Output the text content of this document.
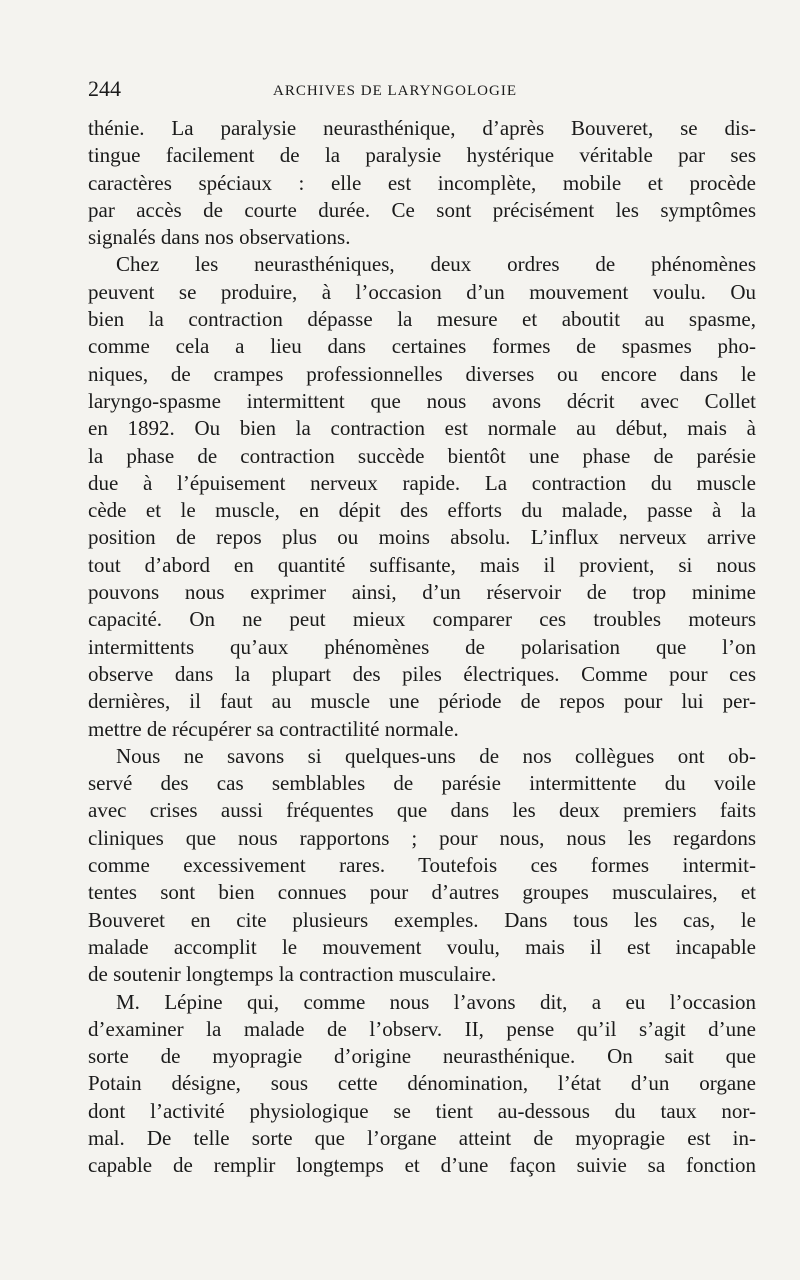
244	ARCHIVES DE LARYNGOLOGIE
thénie. La paralysie neurasthénique, d’après Bouveret, se dis-
tingue facilement de la paralysie hystérique véritable par ses
caractères spéciaux : elle est incomplète, mobile et procède
par accès de courte durée. Ce sont précisément les symptômes
signalés dans nos observations.
Chez les neurasthéniques, deux ordres de phénomènes
peuvent se produire, à l’occasion d’un mouvement voulu. Ou
bien la contraction dépasse la mesure et aboutit au spasme,
comme cela a lieu dans certaines formes de spasmes pho-
niques, de crampes professionnelles diverses ou encore dans le
laryngo-spasme intermittent que nous avons décrit avec Collet
en 1892. Ou bien la contraction est normale au début, mais à
la phase de contraction succède bientôt une phase de parésie
due à l’épuisement nerveux rapide. La contraction du muscle
cède et le muscle, en dépit des efforts du malade, passe à la
position de repos plus ou moins absolu. L’influx nerveux arrive
tout d’abord en quantité suffisante, mais il provient, si nous
pouvons nous exprimer ainsi, d’un réservoir de trop minime
capacité. On ne peut mieux comparer ces troubles moteurs
intermittents qu’aux phénomènes de polarisation que l’on
observe dans la plupart des piles électriques. Comme pour ces
dernières, il faut au muscle une période de repos pour lui per-
mettre de récupérer sa contractilité normale.
Nous ne savons si quelques-uns de nos collègues ont ob-
servé des cas semblables de parésie intermittente du voile
avec crises aussi fréquentes que dans les deux premiers faits
cliniques que nous rapportons ; pour nous, nous les regardons
comme excessivement rares. Toutefois ces formes intermit-
tentes sont bien connues pour d’autres groupes musculaires, et
Bouveret en cite plusieurs exemples. Dans tous les cas, le
malade accomplit le mouvement voulu, mais il est incapable
de soutenir longtemps la contraction musculaire.
M. Lépine qui, comme nous l’avons dit, a eu l’occasion
d’examiner la malade de l’observ. II, pense qu’il s’agit d’une
sorte de myopragie d’origine neurasthénique. On sait que
Potain désigne, sous cette dénomination, l’état d’un organe
dont l’activité physiologique se tient au-dessous du taux nor-
mal. De telle sorte que l’organe atteint de myopragie est in-
capable de remplir longtemps et d’une façon suivie sa fonction
